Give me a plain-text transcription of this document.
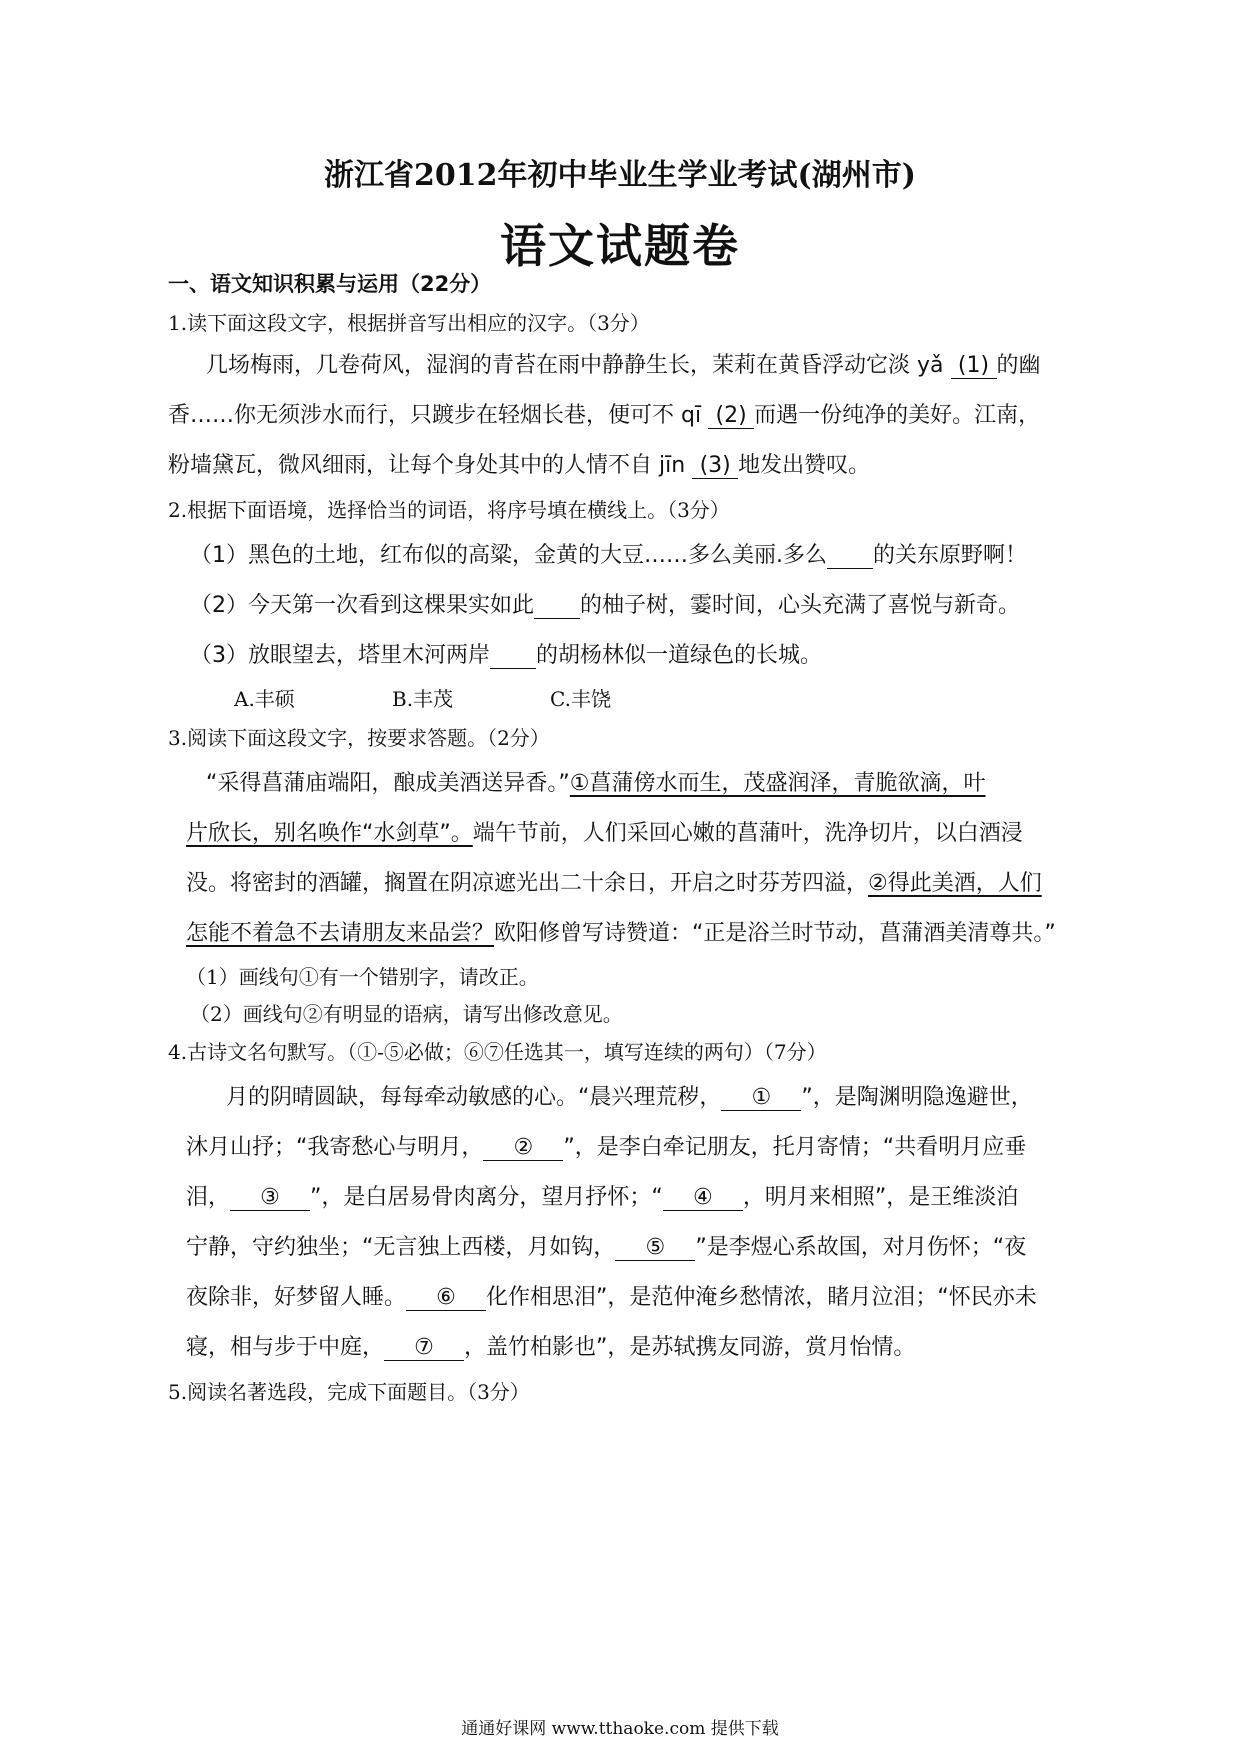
浙江省2012年初中毕业生学业考试(湖州市)
语文试题卷
一、语文知识积累与运用（22分）
1.读下面这段文字，根据拼音写出相应的汉字。（3分）
几场梅雨，几卷荷风，湿润的青苔在雨中静静生长，茉莉在黄昏浮动它淡 yǎ (1) 的幽
香……你无须涉水而行，只踱步在轻烟长巷，便可不 qī (2) 而遇一份纯净的美好。江南，
粉墙黛瓦，微风细雨，让每个身处其中的人情不自 jīn (3) 地发出赞叹。
2.根据下面语境，选择恰当的词语，将序号填在横线上。（3分）
（1）黑色的土地，红布似的高粱，金黄的大豆……多么美丽.多么 的关东原野啊！
（2）今天第一次看到这棵果实如此 的柚子树，霎时间，心头充满了喜悦与新奇。
（3）放眼望去，塔里木河两岸 的胡杨林似一道绿色的长城。
A.丰硕	B.丰茂	C.丰饶
3.阅读下面这段文字，按要求答题。（2分）
“采得菖蒲庙端阳，酿成美酒送异香。”①菖蒲傍水而生，茂盛润泽，青脆欲滴，叶
片欣长，别名唤作“水剑草”。端午节前，人们采回心嫩的菖蒲叶，洗净切片，以白酒浸
没。将密封的酒罐，搁置在阴凉遮光出二十余日，开启之时芬芳四溢，②得此美酒，人们
怎能不着急不去请朋友来品尝？欧阳修曾写诗赞道：“正是浴兰时节动，菖蒲酒美清尊共。”
（1）画线句①有一个错别字，请改正。
（2）画线句②有明显的语病，请写出修改意见。
4.古诗文名句默写。（①-⑤必做；⑥⑦任选其一，填写连续的两句）（7分）
月的阴晴圆缺，每每牵动敏感的心。“晨兴理荒秽， ① ”，是陶渊明隐逸避世，
沐月山抒；“我寄愁心与明月， ② ”，是李白牵记朋友，托月寄情；“共看明月应垂
泪， ③ ”，是白居易骨肉离分，望月抒怀；“ ④ ，明月来相照”，是王维淡泊
宁静，守约独坐；“无言独上西楼，月如钩， ⑤ ”是李煜心系故国，对月伤怀；“夜
夜除非，好梦留人睡。 ⑥ 化作相思泪”，是范仲淹乡愁情浓，睹月泣泪；“怀民亦未
寝，相与步于中庭， ⑦ ，盖竹柏影也”，是苏轼携友同游，赏月怡情。
5.阅读名著选段，完成下面题目。（3分）
通通好课网 www.tthaoke.com 提供下载
